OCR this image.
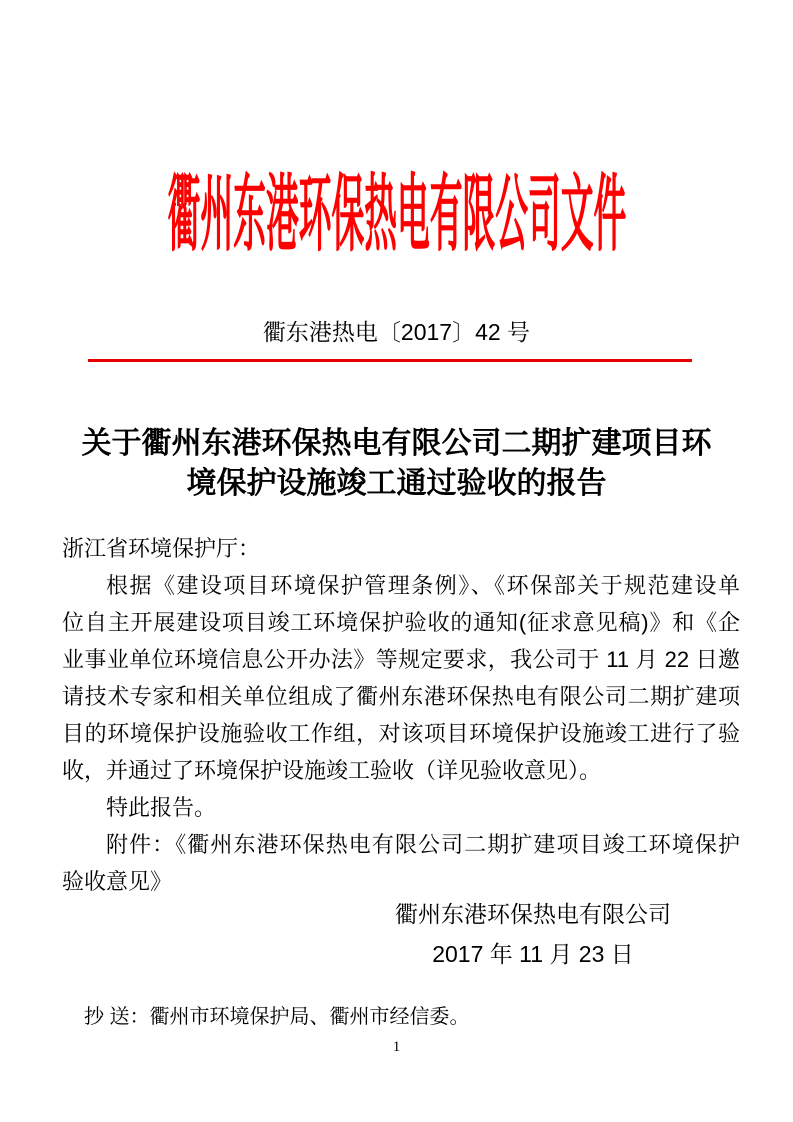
衢州东港环保热电有限公司文件
衢东港热电〔2017〕42 号
关于衢州东港环保热电有限公司二期扩建项目环
境保护设施竣工通过验收的报告
浙江省环境保护厅：
根据《建设项目环境保护管理条例》、《环保部关于规范建设单
位自主开展建设项目竣工环境保护验收的通知(征求意见稿)》和《企
业事业单位环境信息公开办法》等规定要求，我公司于 11 月 22 日邀
请技术专家和相关单位组成了衢州东港环保热电有限公司二期扩建项
目的环境保护设施验收工作组，对该项目环境保护设施竣工进行了验
收，并通过了环境保护设施竣工验收（详见验收意见）。
特此报告。
附件：《衢州东港环保热电有限公司二期扩建项目竣工环境保护
验收意见》
衢州东港环保热电有限公司
2017 年 11 月 23 日
抄 送：衢州市环境保护局、衢州市经信委。
1
